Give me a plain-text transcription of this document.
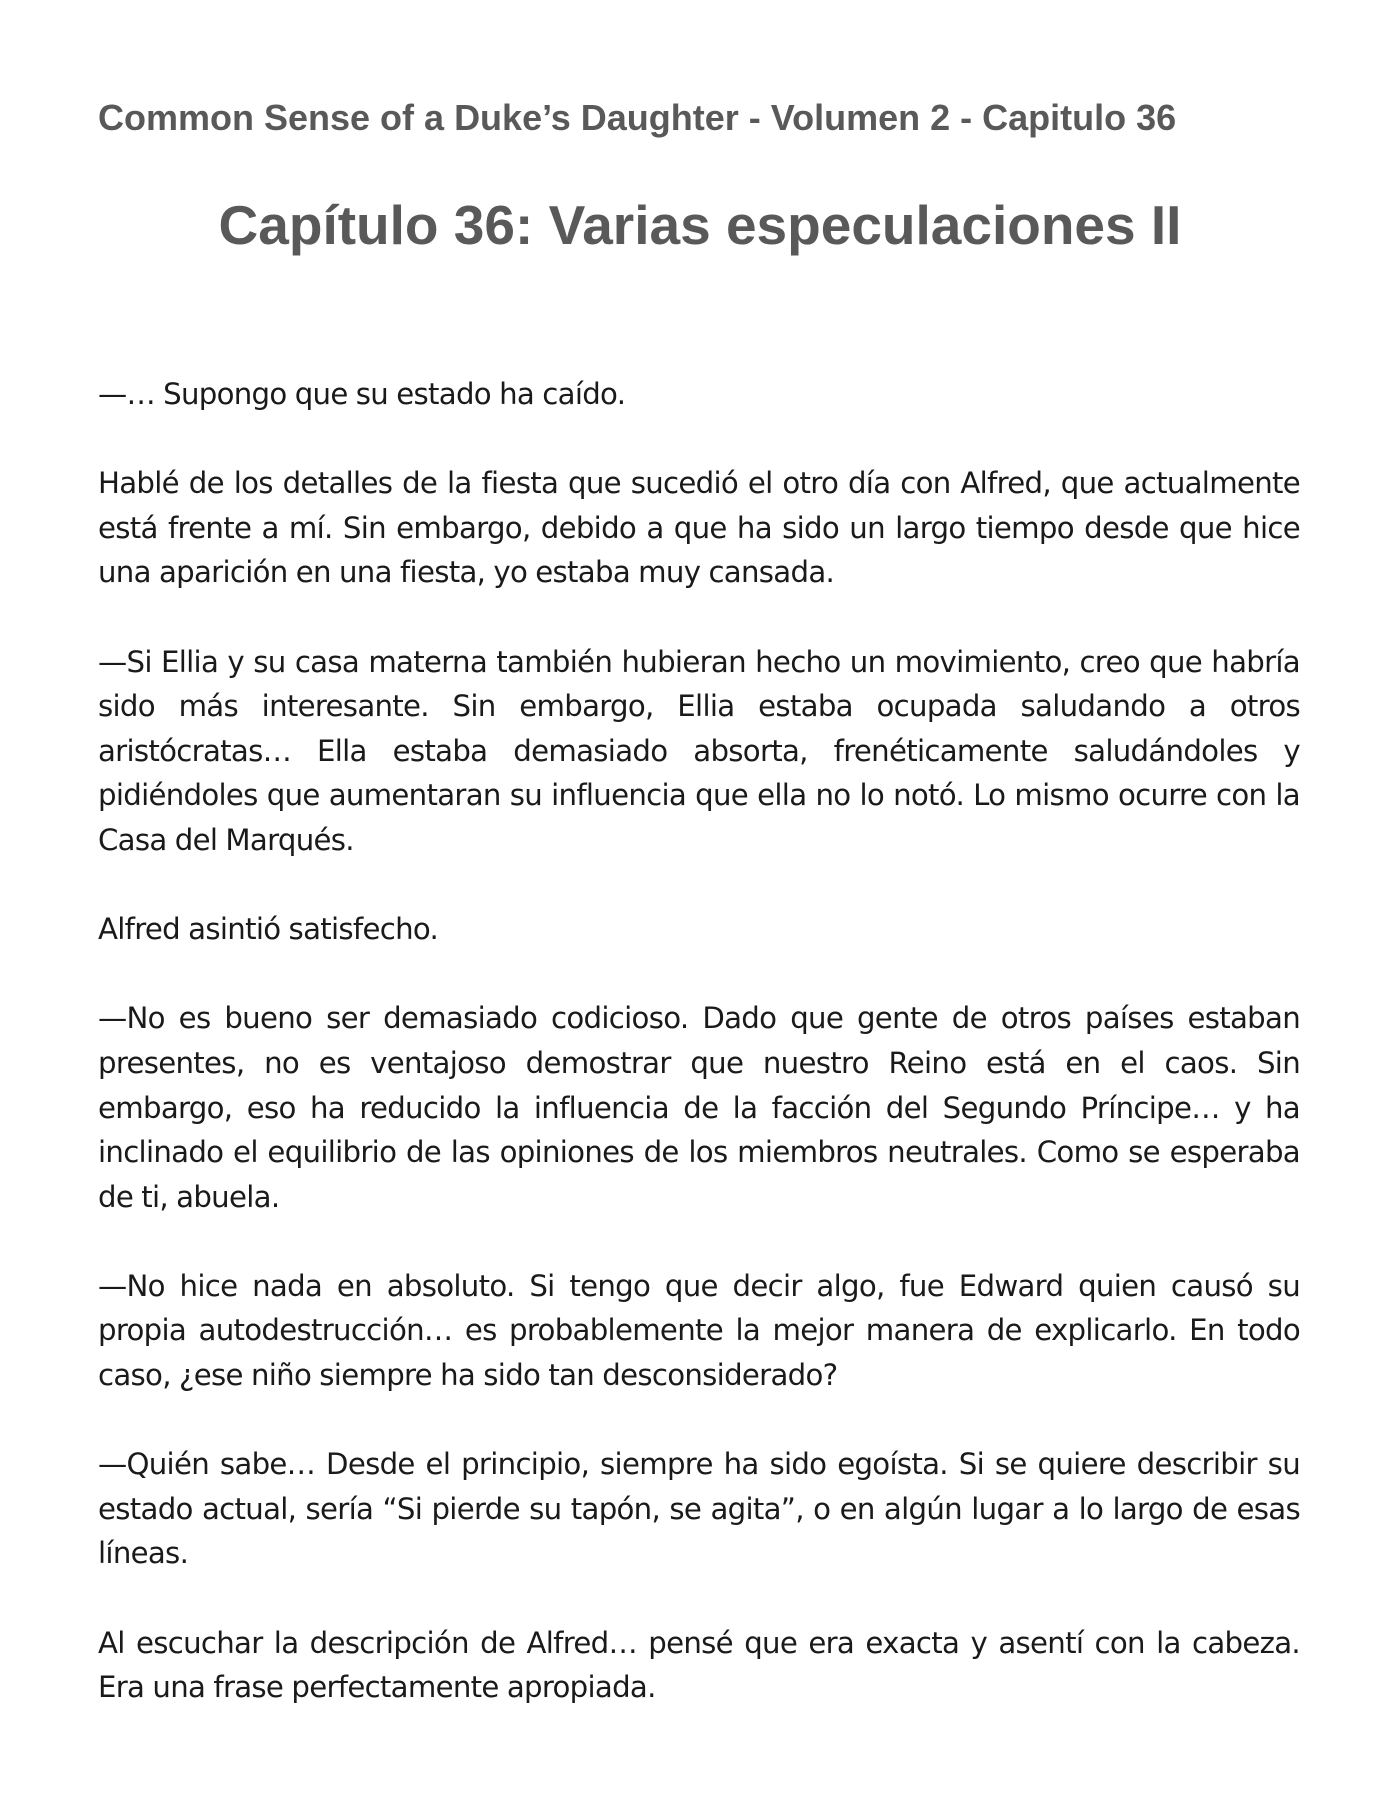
Common Sense of a Duke’s Daughter - Volumen 2 - Capitulo 36
Capítulo 36: Varias especulaciones II

—… Supongo que su estado ha caído.

Hablé de los detalles de la fiesta que sucedió el otro día con Alfred, que actualmente está frente a mí. Sin embargo, debido a que ha sido un largo tiempo desde que hice una aparición en una fiesta, yo estaba muy cansada.

—Si Ellia y su casa materna también hubieran hecho un movimiento, creo que habría sido más interesante. Sin embargo, Ellia estaba ocupada saludando a otros aristócratas… Ella estaba demasiado absorta, frenéticamente saludándoles y pidiéndoles que aumentaran su influencia que ella no lo notó. Lo mismo ocurre con la Casa del Marqués.

Alfred asintió satisfecho.

—No es bueno ser demasiado codicioso. Dado que gente de otros países estaban presentes, no es ventajoso demostrar que nuestro Reino está en el caos. Sin embargo, eso ha reducido la influencia de la facción del Segundo Príncipe… y ha inclinado el equilibrio de las opiniones de los miembros neutrales. Como se esperaba de ti, abuela.

—No hice nada en absoluto. Si tengo que decir algo, fue Edward quien causó su propia autodestrucción… es probablemente la mejor manera de explicarlo. En todo caso, ¿ese niño siempre ha sido tan desconsiderado?

—Quién sabe… Desde el principio, siempre ha sido egoísta. Si se quiere describir su estado actual, sería “Si pierde su tapón, se agita”, o en algún lugar a lo largo de esas líneas.

Al escuchar la descripción de Alfred… pensé que era exacta y asentí con la cabeza. Era una frase perfectamente apropiada.
